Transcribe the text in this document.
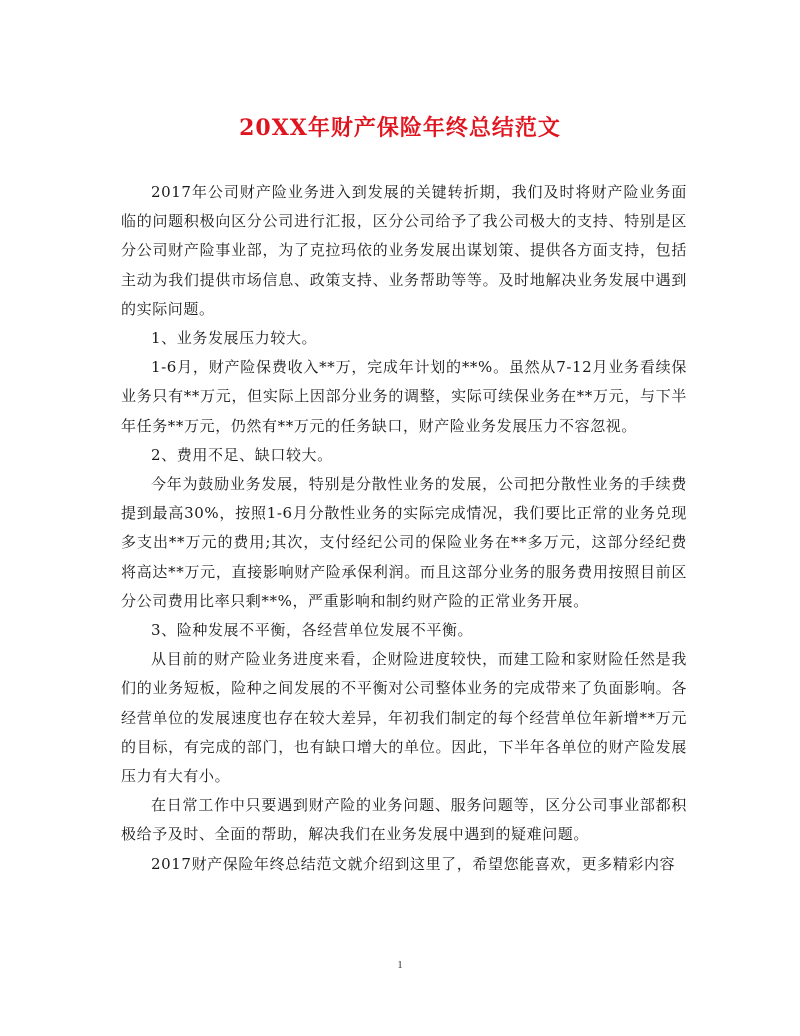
20XX年财产保险年终总结范文

2017年公司财产险业务进入到发展的关键转折期，我们及时将财产险业务面临的问题积极向区分公司进行汇报，区分公司给予了我公司极大的支持、特别是区分公司财产险事业部，为了克拉玛依的业务发展出谋划策、提供各方面支持，包括主动为我们提供市场信息、政策支持、业务帮助等等。及时地解决业务发展中遇到的实际问题。

1、业务发展压力较大。

1-6月，财产险保费收入**万，完成年计划的**%。虽然从7-12月业务看续保业务只有**万元，但实际上因部分业务的调整，实际可续保业务在**万元，与下半年任务**万元，仍然有**万元的任务缺口，财产险业务发展压力不容忽视。

2、费用不足、缺口较大。

今年为鼓励业务发展，特别是分散性业务的发展，公司把分散性业务的手续费提到最高30%，按照1-6月分散性业务的实际完成情况，我们要比正常的业务兑现多支出**万元的费用;其次，支付经纪公司的保险业务在**多万元，这部分经纪费将高达**万元，直接影响财产险承保利润。而且这部分业务的服务费用按照目前区分公司费用比率只剩**%，严重影响和制约财产险的正常业务开展。

3、险种发展不平衡，各经营单位发展不平衡。

从目前的财产险业务进度来看，企财险进度较快，而建工险和家财险任然是我们的业务短板，险种之间发展的不平衡对公司整体业务的完成带来了负面影响。各经营单位的发展速度也存在较大差异，年初我们制定的每个经营单位年新增**万元的目标，有完成的部门，也有缺口增大的单位。因此，下半年各单位的财产险发展压力有大有小。

在日常工作中只要遇到财产险的业务问题、服务问题等，区分公司事业部都积极给予及时、全面的帮助，解决我们在业务发展中遇到的疑难问题。

2017财产保险年终总结范文就介绍到这里了，希望您能喜欢，更多精彩内容

1
